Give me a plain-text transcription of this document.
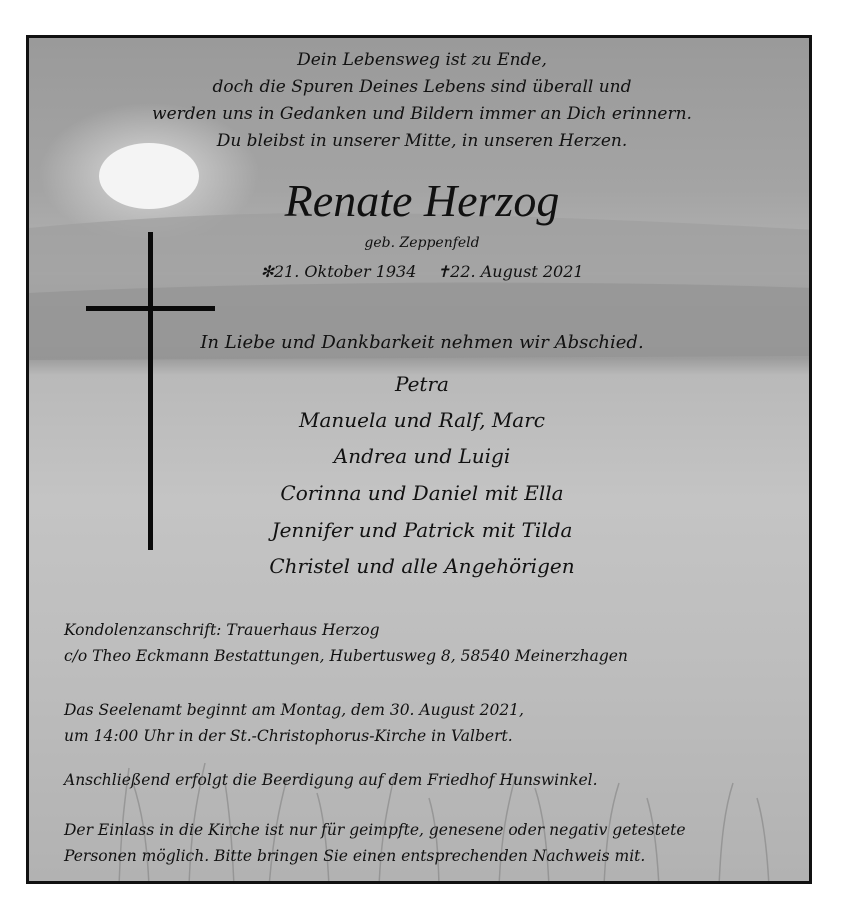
Dein Lebensweg ist zu Ende,
doch die Spuren Deines Lebens sind überall und
werden uns in Gedanken und Bildern immer an Dich erinnern.
Du bleibst in unserer Mitte, in unseren Herzen.
Renate Herzog
geb. Zeppenfeld
✻21. Oktober 1934 ✝22. August 2021
In Liebe und Dankbarkeit nehmen wir Abschied.
Petra
Manuela und Ralf, Marc
Andrea und Luigi
Corinna und Daniel mit Ella
Jennifer und Patrick mit Tilda
Christel und alle Angehörigen
Kondolenzanschrift: Trauerhaus Herzog
c/o Theo Eckmann Bestattungen, Hubertusweg 8, 58540 Meinerzhagen
Das Seelenamt beginnt am Montag, dem 30. August 2021,
um 14:00 Uhr in der St.-Christophorus-Kirche in Valbert.
Anschließend erfolgt die Beerdigung auf dem Friedhof Hunswinkel.
Der Einlass in die Kirche ist nur für geimpfte, genesene oder negativ getestete
Personen möglich. Bitte bringen Sie einen entsprechenden Nachweis mit.
